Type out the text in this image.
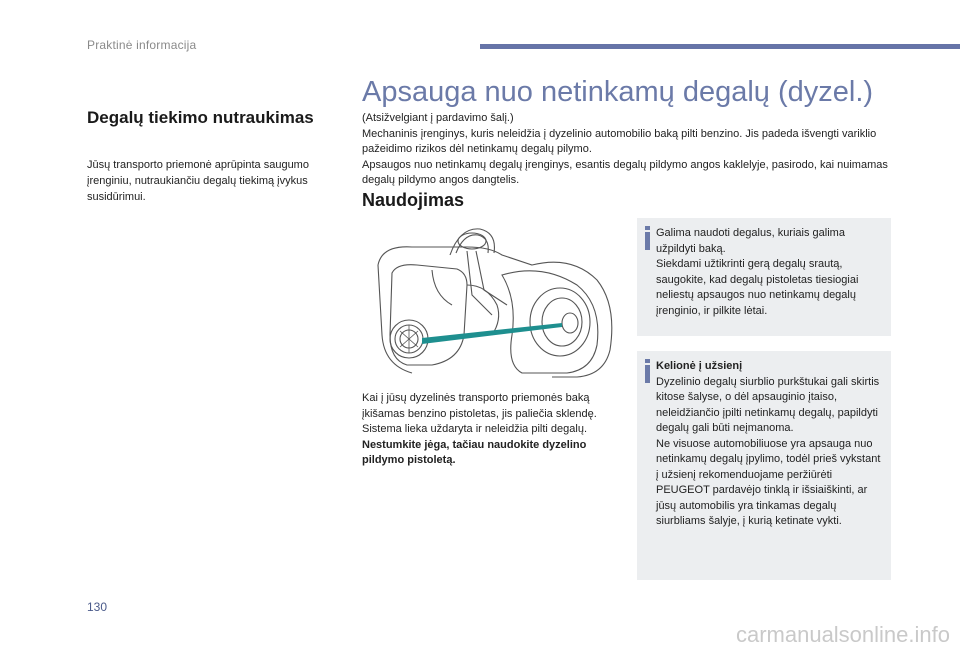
Praktinė informacija
Degalų tiekimo nutraukimas
Jūsų transporto priemonė aprūpinta saugumo įrenginiu, nutraukiančiu degalų tiekimą įvykus susidūrimui.
Apsauga nuo netinkamų degalų (dyzel.)

(Atsižvelgiant į pardavimo šalį.)

Mechaninis įrenginys, kuris neleidžia į dyzelinio automobilio baką pilti benzino. Jis padeda išvengti variklio pažeidimo rizikos dėl netinkamų degalų pilymo.

Apsaugos nuo netinkamų degalų įrenginys, esantis degalų pildymo angos kaklelyje, pasirodo, kai nuimamas degalų pildymo angos dangtelis.

Naudojimas

Kai į jūsų dyzelinės transporto priemonės baką įkišamas benzino pistoletas, jis paliečia sklendę. Sistema lieka uždaryta ir neleidžia pilti degalų.

Nestumkite jėga, tačiau naudokite dyzelino pildymo pistoletą.

Galima naudoti degalus, kuriais galima užpildyti baką.

Siekdami užtikrinti gerą degalų srautą, saugokite, kad degalų pistoletas tiesiogiai neliestų apsaugos nuo netinkamų degalų įrenginio, ir pilkite lėtai.

Kelionė į užsienį

Dyzelinio degalų siurblio purkštukai gali skirtis kitose šalyse, o dėl apsauginio įtaiso, neleidžiančio įpilti netinkamų degalų, papildyti degalų gali būti neįmanoma.

Ne visuose automobiliuose yra apsauga nuo netinkamų degalų įpylimo, todėl prieš vykstant į užsienį rekomenduojame peržiūrėti PEUGEOT pardavėjo tinklą ir išsiaiškinti, ar jūsų automobilis yra tinkamas degalų siurbliams šalyje, į kurią ketinate vykti.

130
carmanualsonline.info
